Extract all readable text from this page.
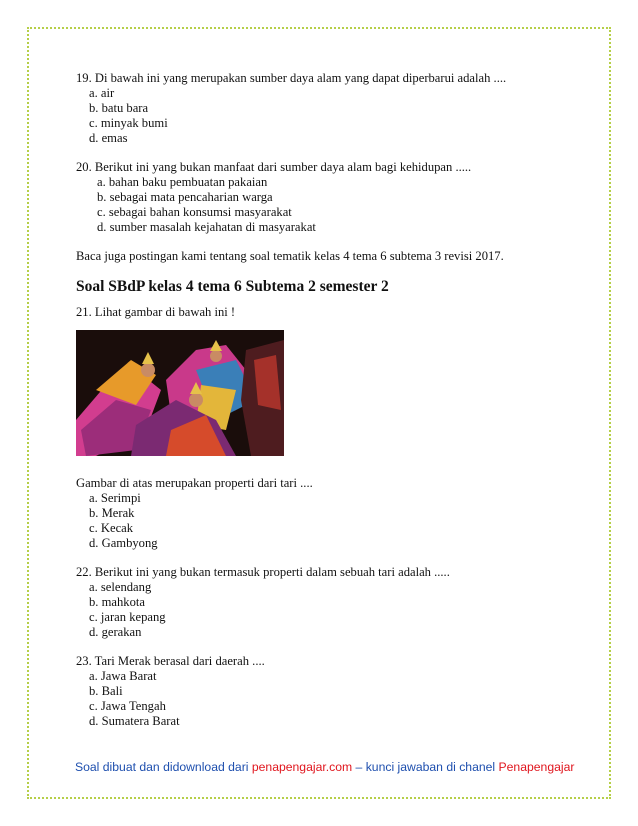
19. Di bawah ini yang merupakan sumber daya alam yang dapat diperbarui adalah ....

a. air

b. batu bara

c. minyak bumi

d. emas

20. Berikut ini yang bukan manfaat dari sumber daya alam bagi kehidupan .....

a. bahan baku pembuatan pakaian

b. sebagai mata pencaharian warga

c. sebagai bahan konsumsi masyarakat

d. sumber masalah kejahatan di masyarakat

Baca juga postingan kami tentang soal tematik kelas 4 tema 6 subtema 3 revisi 2017.

Soal SBdP kelas 4 tema 6 Subtema 2 semester 2

21. Lihat gambar di bawah ini !

Gambar di atas merupakan properti dari tari ....

a. Serimpi

b. Merak

c. Kecak

d. Gambyong

22. Berikut ini yang bukan termasuk properti dalam sebuah tari adalah .....

a. selendang

b. mahkota

c. jaran kepang

d. gerakan

23. Tari Merak berasal dari daerah ....

a. Jawa Barat

b. Bali

c. Jawa Tengah

d. Sumatera Barat

Soal dibuat dan didownload dari penapengajar.com – kunci jawaban di chanel Penapengajar
